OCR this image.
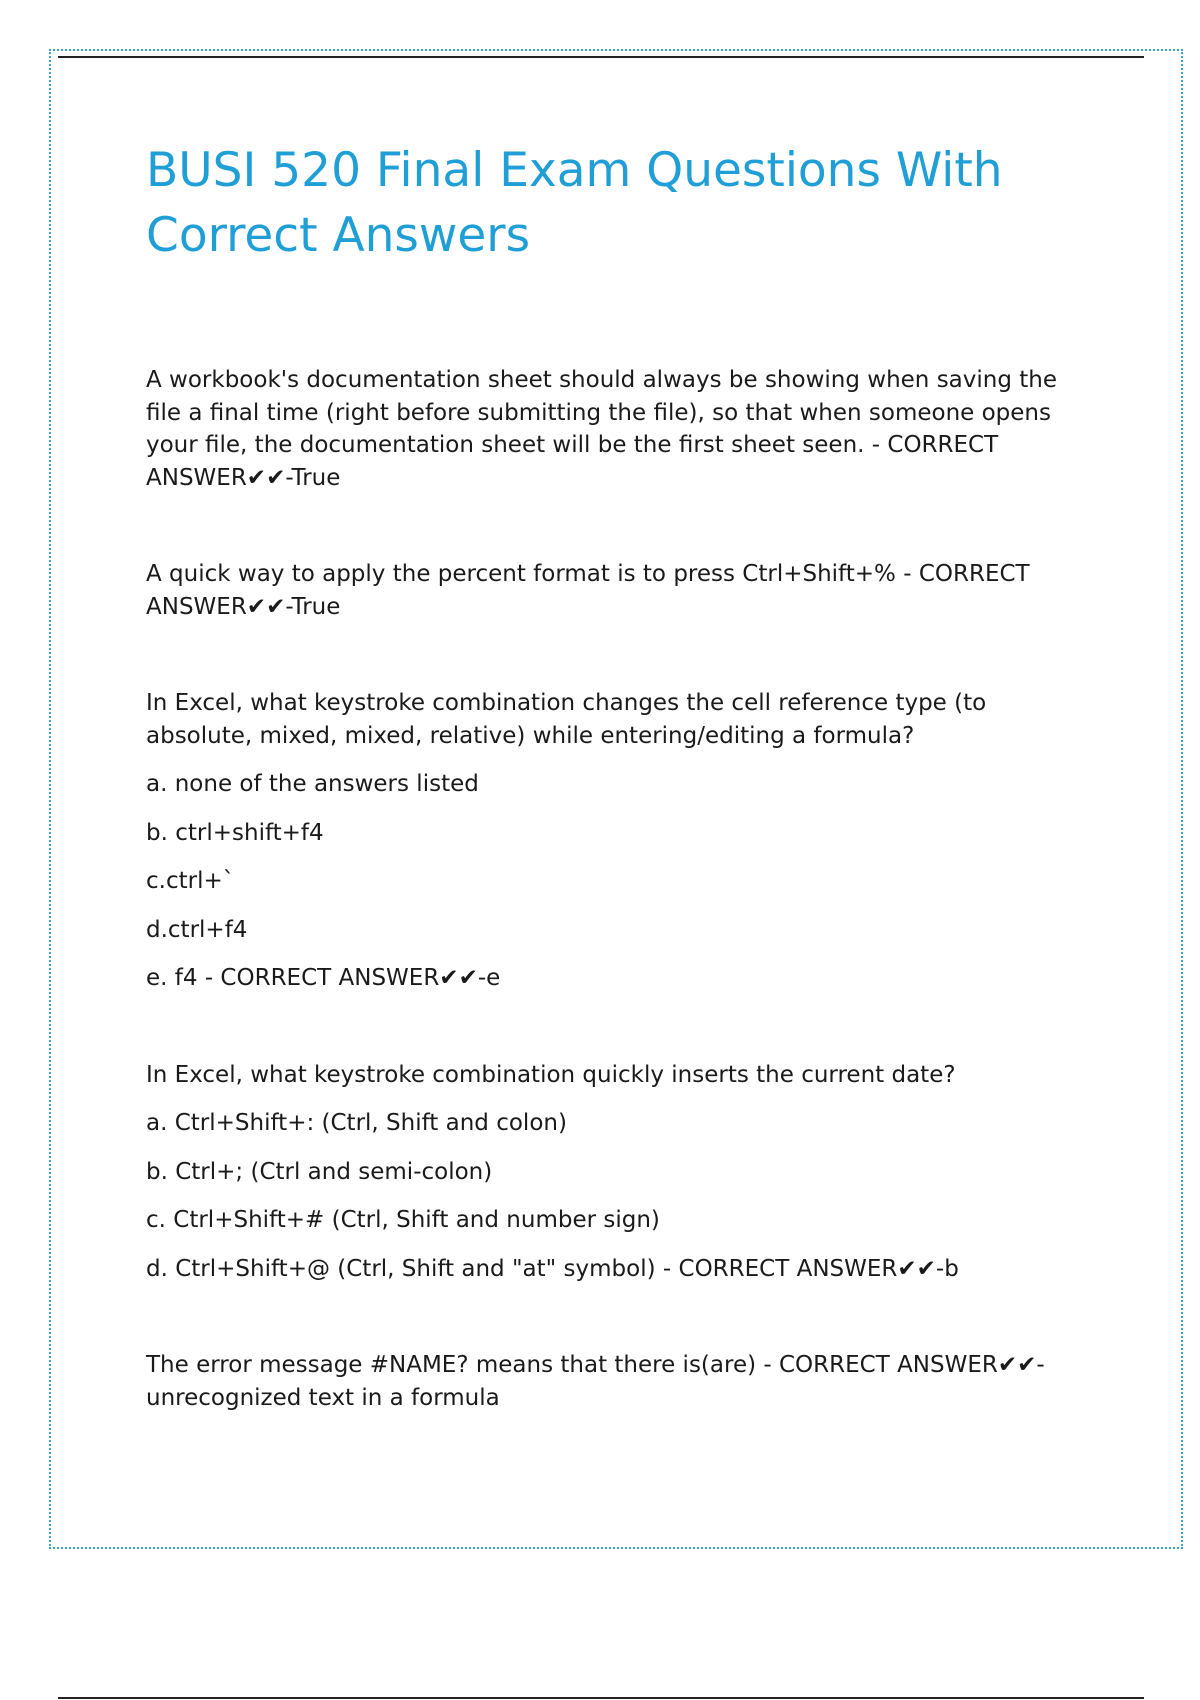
BUSI 520 Final Exam Questions With Correct Answers

A workbook's documentation sheet should always be showing when saving the file a final time (right before submitting the file), so that when someone opens your file, the documentation sheet will be the first sheet seen. - CORRECT ANSWER✔✔-True

A quick way to apply the percent format is to press Ctrl+Shift+% - CORRECT ANSWER✔✔-True

In Excel, what keystroke combination changes the cell reference type (to absolute, mixed, mixed, relative) while entering/editing a formula?

a. none of the answers listed

b. ctrl+shift+f4

c.ctrl+`

d.ctrl+f4

e. f4 - CORRECT ANSWER✔✔-e

In Excel, what keystroke combination quickly inserts the current date?

a. Ctrl+Shift+: (Ctrl, Shift and colon)

b. Ctrl+; (Ctrl and semi-colon)

c. Ctrl+Shift+# (Ctrl, Shift and number sign)

d. Ctrl+Shift+@ (Ctrl, Shift and "at" symbol) - CORRECT ANSWER✔✔-b

The error message #NAME? means that there is(are) - CORRECT ANSWER✔✔-unrecognized text in a formula
